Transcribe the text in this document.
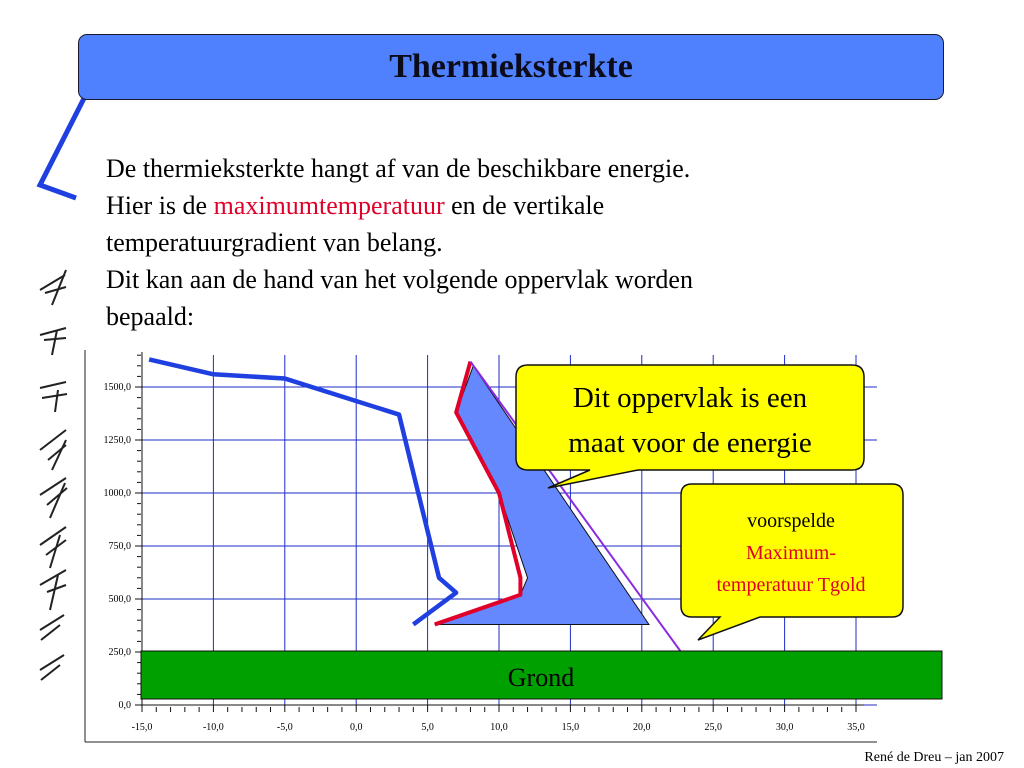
-15,0	-10,0	-5,0	0,0	5,0	10,0	15,0	20,0	25,0	30,0	35,0
0,0
250,0
500,0
750,0
1000,0
1250,0
1500,0
Grond
Dit oppervlak is een
maat voor de energie
voorspelde
Maximum-
temperatuur Tgold
Thermieksterkte
De thermieksterkte hangt af van de beschikbare energie.
Hier is de maximumtemperatuur en de vertikale
temperatuurgradient van belang.
Dit kan aan de hand van het volgende oppervlak worden
bepaald:
René de Dreu – jan 2007
